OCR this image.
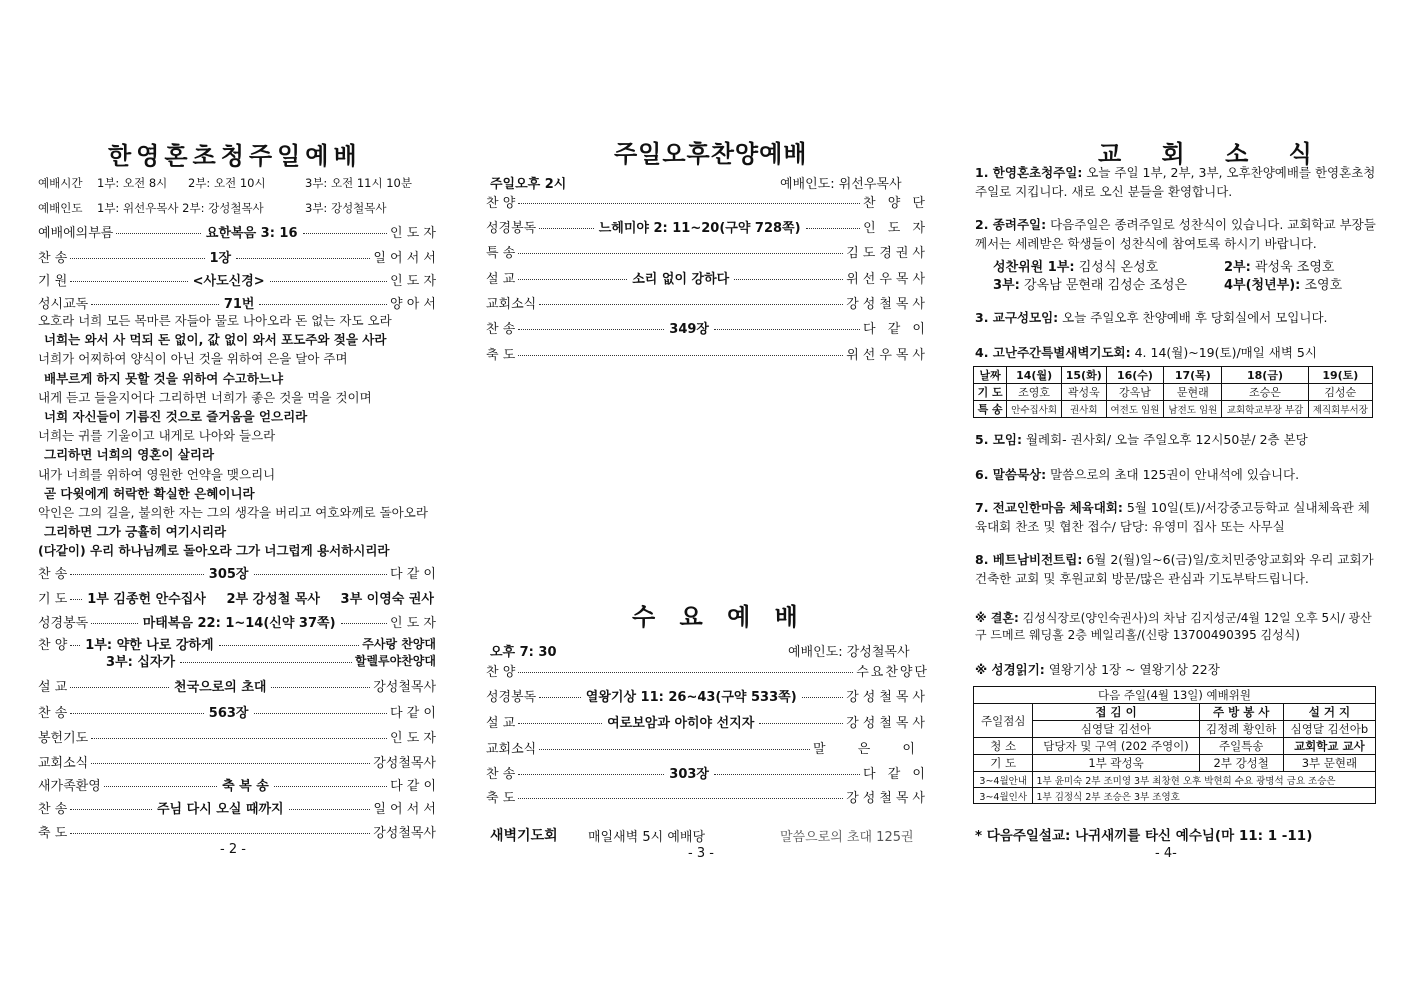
한영혼초청주일예배
예배시간 1부: 오전 8시 2부: 오전 10시	3부: 오전 11시 10분
예배인도 1부: 위선우목사 2부: 강성철목사	3부: 강성철목사
예배에의부름	요한복음 3: 16	인 도 자
찬 송	1장	일 어 서 서
기 원	<사도신경>	인 도 자
성시교독	71번	양 아 서
오호라 너희 모든 목마른 자들아 물로 나아오라 돈 없는 자도 오라
너희는 와서 사 먹되 돈 없이, 값 없이 와서 포도주와 젖을 사라
너희가 어찌하여 양식이 아닌 것을 위하여 은을 달아 주며
배부르게 하지 못할 것을 위하여 수고하느냐
내게 듣고 들을지어다 그리하면 너희가 좋은 것을 먹을 것이며
너희 자신들이 기름진 것으로 즐거움을 얻으리라
너희는 귀를 기울이고 내게로 나아와 들으라
그리하면 너희의 영혼이 살리라
내가 너희를 위하여 영원한 언약을 맺으리니
곧 다윗에게 허락한 확실한 은혜이니라
악인은 그의 길을, 불의한 자는 그의 생각을 버리고 여호와께로 돌아오라
그리하면 그가 긍휼히 여기시리라
(다같이) 우리 하나님께로 돌아오라 그가 너그럽게 용서하시리라
찬 송	305장	다 같 이
기 도 1부 김종헌 안수집사 2부 강성철 목사 3부 이영숙 권사
성경봉독	마태복음 22: 1~14(신약 37쪽)	인 도 자
찬 양 1부: 약한 나로 강하게	주사랑 찬양대
3부: 십자가	할렐루야찬양대
설 교	천국으로의 초대	강성철목사
찬 송	563장	다 같 이
봉헌기도	인 도 자
교회소식	강성철목사
새가족환영	축 복 송	다 같 이
찬 송	주님 다시 오실 때까지	일 어 서 서
축 도	강성철목사
- 2 -
주일오후찬양예배
주일오후 2시	예배인도: 위선우목사
찬 양	찬 양 단
성경봉독	느헤미야 2: 11~20(구약 728쪽)	인 도 자
특 송	김도경권사
설 교	소리 없이 강하다	위선우목사
교회소식	강성철목사
찬 송	349장	다 같 이
축 도	위선우목사
수 요 예 배
오후 7: 30	예배인도: 강성철목사
찬 양	수요찬양단
성경봉독	열왕기상 11: 26~43(구약 533쪽)	강성철목사
설 교	여로보암과 아히야 선지자	강성철목사
교회소식	말 은 이
찬 송	303장	다 같 이
축 도	강성철목사
새벽기도회 매일새벽 5시 예배당	말씀으로의 초대 125권
- 3 -
교 회 소 식
1. 한영혼초청주일: 오늘 주일 1부, 2부, 3부, 오후찬양예배를 한영혼초청주일로 지킵니다. 새로 오신 분들을 환영합니다.
2. 종려주일: 다음주일은 종려주일로 성찬식이 있습니다. 교회학교 부장들께서는 세례받은 학생들이 성찬식에 참여토록 하시기 바랍니다.
성찬위원 1부: 김성식 온성호	2부: 곽성욱 조영호
3부: 강옥남 문현래 김성순 조성은	4부(청년부): 조영호
3. 교구성모임: 오늘 주일오후 찬양예배 후 당회실에서 모입니다.
4. 고난주간특별새벽기도회: 4. 14(월)~19(토)/매일 새벽 5시
날짜	14(월)	15(화)	16(수)	17(목)	18(금)	19(토)
기 도	조영호	곽성욱	강옥남	문현래	조승은	김성순
특 송	안수집사회	권사회	여전도 임원	남전도 임원	교회학교부장 부감	제직회부서장
5. 모임: 월례회- 권사회/ 오늘 주일오후 12시50분/ 2층 본당
6. 말씀묵상: 말씀으로의 초대 125권이 안내석에 있습니다.
7. 전교인한마음 체육대회: 5월 10일(토)/서강중고등학교 실내체육관 체육대회 찬조 및 협찬 접수/ 담당: 유영미 집사 또는 사무실
8. 베트남비전트립: 6월 2(월)일~6(금)일/호치민중앙교회와 우리 교회가 건축한 교회 및 후원교회 방문/많은 관심과 기도부탁드립니다.
※ 결혼: 김성식장로(양인숙권사)의 차남 김지성군/4월 12일 오후 5시/ 광산구 드메르 웨딩홀 2층 베일리홀/(신랑 13700490395 김성식)
※ 성경읽기: 열왕기상 1장 ~ 열왕기상 22장
다음 주일(4월 13일) 예배위원			
주일점심	접 김 이	주 방 봉 사	설 거 지
	심영달 김선아	김정례 황인하	심영달 김선아b
청 소	담당자 및 구역 (202 주영이)	주일특송	교회학교 교사
기 도	1부 곽성욱	2부 강성철	3부 문현래
3~4월안내	1부 윤미숙 2부 조미영 3부 최창현 오후 박현희 수요 광명석 금요 조승은		
3~4월인사	1부 김정식 2부 조승은 3부 조영호		
* 다음주일설교: 나귀새끼를 타신 예수님(마 11: 1 -11)
- 4-
